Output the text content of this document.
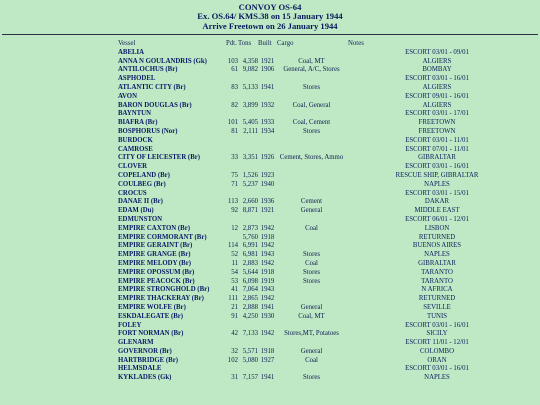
CONVOY OS-64
Ex. OS.64/ KMS.38 on 15 January 1944
Arrive Freetown on 26 January 1944
Vessel	Pdt.	Tons	Built	Cargo	Notes
ABELIA					ESCORT 03/01 - 09/01
ANNA N GOULANDRIS (Gk)	103	4,358	1921	Coal, MT	ALGIERS
ANTILOCHUS (Br)	61	9,082	1906	General, A/C, Stores	BOMBAY
ASPHODEL					ESCORT 03/01 - 16/01
ATLANTIC CITY (Br)	83	5,133	1941	Stores	ALGIERS
AVON					ESCORT 09/01 - 16/01
BARON DOUGLAS (Br)	82	3,899	1932	Coal, General	ALGIERS
BAYNTUN					ESCORT 03/01 - 17/01
BIAFRA (Br)	101	5,405	1933	Coal, Cement	FREETOWN
BOSPHORUS (Nor)	81	2,111	1934	Stores	FREETOWN
BURDOCK					ESCORT 03/01 - 11/01
CAMROSE					ESCORT 07/01 - 11/01
CITY OF LEICESTER (Br)	33	3,351	1926	Cement, Stores, Ammo	GIBRALTAR
CLOVER					ESCORT 03/01 - 16/01
COPELAND (Br)	75	1,526	1923		RESCUE SHIP, GIBRALTAR
COULBEG (Br)	71	5,237	1940		NAPLES
CROCUS					ESCORT 03/01 - 15/01
DANAE II (Br)	113	2,660	1936	Cement	DAKAR
EDAM (Du)	92	8,871	1921	General	MIDDLE EAST
EDMUNSTON					ESCORT 06/01 - 12/01
EMPIRE CAXTON (Br)	12	2,873	1942	Coal	LISBON
EMPIRE CORMORANT (Br)		5,760	1918		RETURNED
EMPIRE GERAINT (Br)	114	6,991	1942		BUENOS AIRES
EMPIRE GRANGE (Br)	52	6,981	1943	Stores	NAPLES
EMPIRE MELODY (Br)	11	2,883	1942	Coal	GIBRALTAR
EMPIRE OPOSSUM (Br)	54	5,644	1918	Stores	TARANTO
EMPIRE PEACOCK (Br)	53	6,098	1919	Stores	TARANTO
EMPIRE STRONGHOLD (Br)	41	7,064	1943		N AFRICA
EMPIRE THACKERAY (Br)	111	2,865	1942		RETURNED
EMPIRE WOLFE (Br)	21	2,888	1941	General	SEVILLE
ESKDALEGATE (Br)	91	4,250	1930	Coal, MT	TUNIS
FOLEY					ESCORT 03/01 - 16/01
FORT NORMAN (Br)	42	7,133	1942	Stores,MT, Potatoes	SICILY
GLENARM					ESCORT 11/01 - 12/01
GOVERNOR (Br)	32	5,571	1918	General	COLOMBO
HARTBRIDGE (Br)	102	5,080	1927	Coal	ORAN
HELMSDALE					ESCORT 03/01 - 16/01
KYKLADES (Gk)	31	7,157	1941	Stores	NAPLES
